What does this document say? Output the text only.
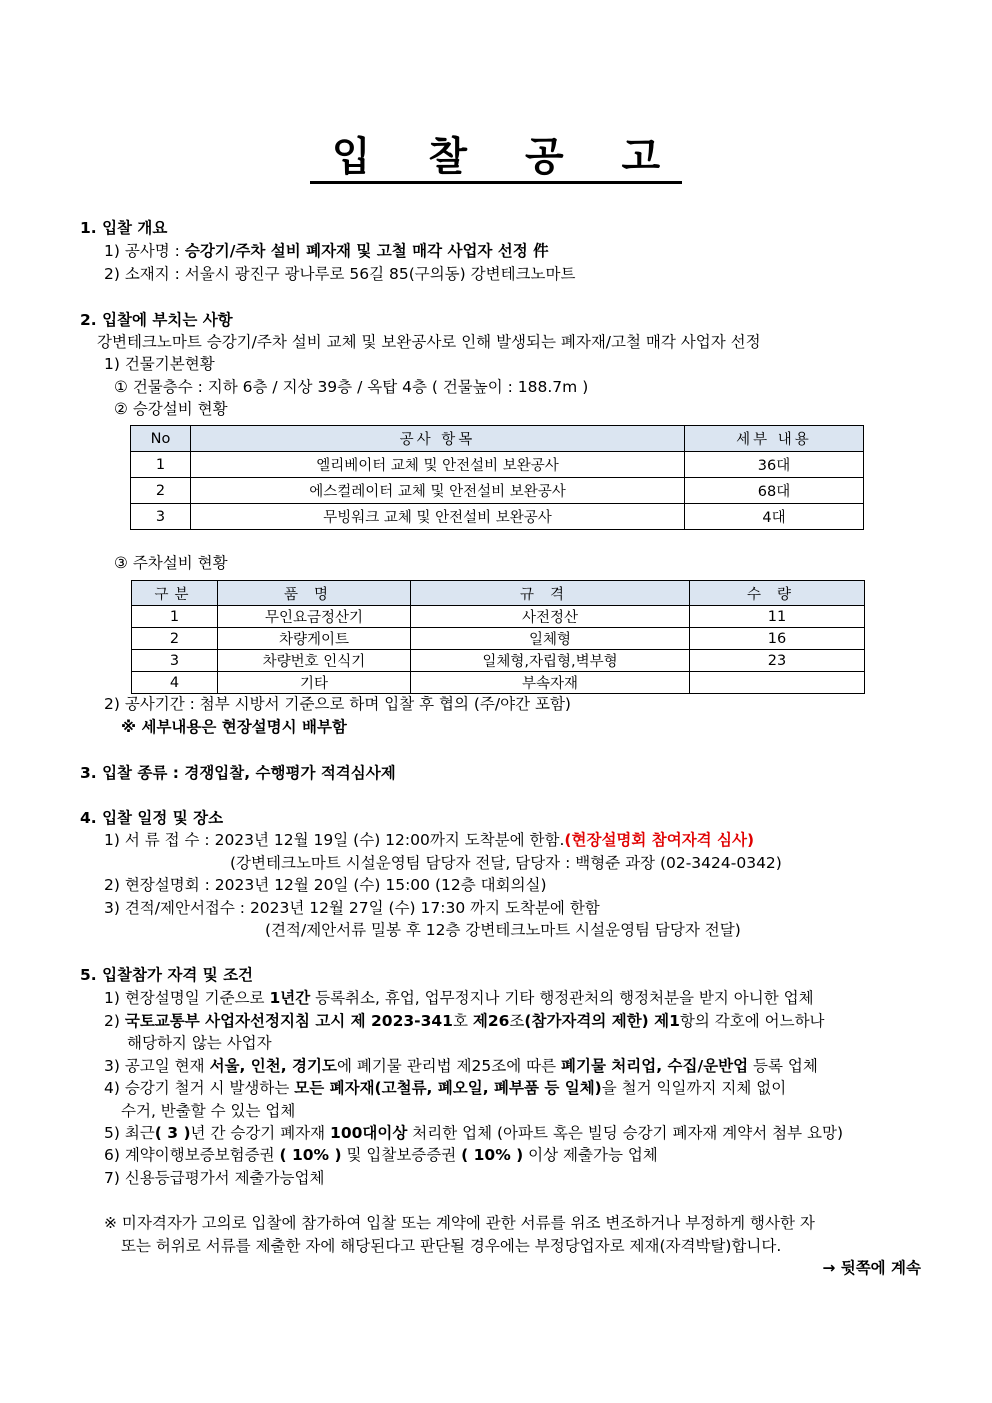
입 찰 공 고
1. 입찰 개요
1) 공사명 : 승강기/주차 설비 폐자재 및 고철 매각 사업자 선정 件
2) 소재지 : 서울시 광진구 광나루로 56길 85(구의동) 강변테크노마트
2. 입찰에 부치는 사항
강변테크노마트 승강기/주차 설비 교체 및 보완공사로 인해 발생되는 폐자재/고철 매각 사업자 선정
1) 건물기본현황
① 건물층수 : 지하 6층 / 지상 39층 / 옥탑 4층 ( 건물높이 : 188.7m )
② 승강설비 현황
No	공사 항목	세부 내용
1	엘리베이터 교체 및 안전설비 보완공사	36대
2	에스컬레이터 교체 및 안전설비 보완공사	68대
3	무빙워크 교체 및 안전설비 보완공사	4대
③ 주차설비 현황
구분	품명	규격	수량
1	무인요금정산기	사전정산	11
2	차량게이트	일체형	16
3	차량번호 인식기	일체형,자립형,벽부형	23
4	기타	부속자재	
2) 공사기간 : 첨부 시방서 기준으로 하며 입찰 후 협의 (주/야간 포함)
※ 세부내용은 현장설명시 배부함
3. 입찰 종류 : 경쟁입찰, 수행평가 적격심사제
4. 입찰 일정 및 장소
1) 서 류 접 수 : 2023년 12월 19일 (수) 12:00까지 도착분에 한함.(현장설명회 참여자격 심사)
(강변테크노마트 시설운영팀 담당자 전달, 담당자 : 백형준 과장 (02-3424-0342)
2) 현장설명회 : 2023년 12월 20일 (수) 15:00 (12층 대회의실)
3) 견적/제안서접수 : 2023년 12월 27일 (수) 17:30 까지 도착분에 한함
(견적/제안서류 밀봉 후 12층 강변테크노마트 시설운영팀 담당자 전달)
5. 입찰참가 자격 및 조건
1) 현장설명일 기준으로 1년간 등록취소, 휴업, 업무정지나 기타 행정관처의 행정처분을 받지 아니한 업체
2) 국토교통부 사업자선정지침 고시 제 2023-341호 제26조(참가자격의 제한) 제1항의 각호에 어느하나
해당하지 않는 사업자
3) 공고일 현재 서울, 인천, 경기도에 폐기물 관리법 제25조에 따른 폐기물 처리업, 수집/운반업 등록 업체
4) 승강기 철거 시 발생하는 모든 폐자재(고철류, 폐오일, 폐부품 등 일체)을 철거 익일까지 지체 없이
수거, 반출할 수 있는 업체
5) 최근( 3 )년 간 승강기 폐자재 100대이상 처리한 업체 (아파트 혹은 빌딩 승강기 폐자재 계약서 첨부 요망)
6) 계약이행보증보험증권 ( 10% ) 및 입찰보증증권 ( 10% ) 이상 제출가능 업체
7) 신용등급평가서 제출가능업체
※ 미자격자가 고의로 입찰에 참가하여 입찰 또는 계약에 관한 서류를 위조 변조하거나 부정하게 행사한 자
또는 허위로 서류를 제출한 자에 해당된다고 판단될 경우에는 부정당업자로 제재(자격박탈)합니다.
→ 뒷쪽에 계속
